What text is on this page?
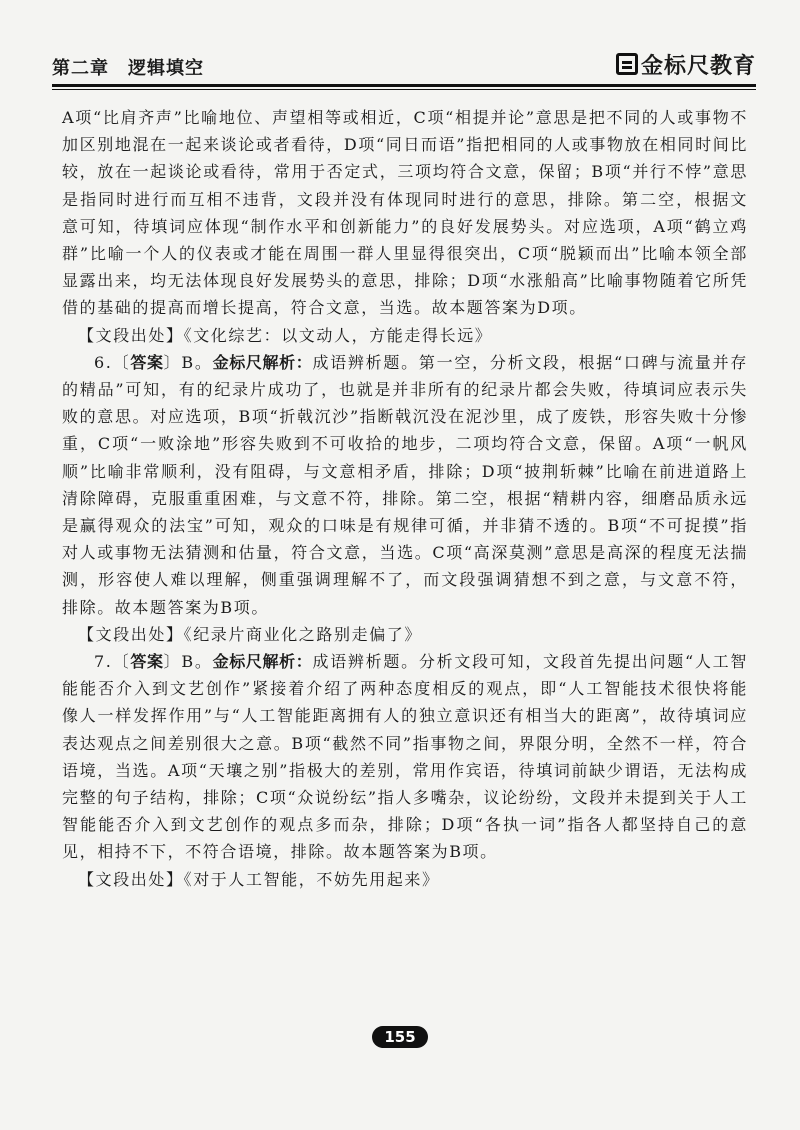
第二章　逻辑填空	金标尺教育

A项“比肩齐声”比喻地位、声望相等或相近，C项“相提并论”意思是把不同的人或事物不加区别地混在一起来谈论或者看待，D项“同日而语”指把相同的人或事物放在相同时间比较，放在一起谈论或看待，常用于否定式，三项均符合文意，保留；B项“并行不悖”意思是指同时进行而互相不违背，文段并没有体现同时进行的意思，排除。第二空，根据文意可知，待填词应体现“制作水平和创新能力”的良好发展势头。对应选项，A项“鹤立鸡群”比喻一个人的仪表或才能在周围一群人里显得很突出，C项“脱颖而出”比喻本领全部显露出来，均无法体现良好发展势头的意思，排除；D项“水涨船高”比喻事物随着它所凭借的基础的提高而增长提高，符合文意，当选。故本题答案为D项。

【文段出处】《文化综艺：以文动人，方能走得长远》

6.〔答案〕B。金标尺解析：成语辨析题。第一空，分析文段，根据“口碑与流量并存的精品”可知，有的纪录片成功了，也就是并非所有的纪录片都会失败，待填词应表示失败的意思。对应选项，B项“折戟沉沙”指断戟沉没在泥沙里，成了废铁，形容失败十分惨重，C项“一败涂地”形容失败到不可收拾的地步，二项均符合文意，保留。A项“一帆风顺”比喻非常顺利，没有阻碍，与文意相矛盾，排除；D项“披荆斩棘”比喻在前进道路上清除障碍，克服重重困难，与文意不符，排除。第二空，根据“精耕内容，细磨品质永远是赢得观众的法宝”可知，观众的口味是有规律可循，并非猜不透的。B项“不可捉摸”指对人或事物无法猜测和估量，符合文意，当选。C项“高深莫测”意思是高深的程度无法揣测，形容使人难以理解，侧重强调理解不了，而文段强调猜想不到之意，与文意不符，排除。故本题答案为B项。

【文段出处】《纪录片商业化之路别走偏了》

7.〔答案〕B。金标尺解析：成语辨析题。分析文段可知，文段首先提出问题“人工智能能否介入到文艺创作”紧接着介绍了两种态度相反的观点，即“人工智能技术很快将能像人一样发挥作用”与“人工智能距离拥有人的独立意识还有相当大的距离”，故待填词应表达观点之间差别很大之意。B项“截然不同”指事物之间，界限分明，全然不一样，符合语境，当选。A项“天壤之别”指极大的差别，常用作宾语，待填词前缺少谓语，无法构成完整的句子结构，排除；C项“众说纷纭”指人多嘴杂，议论纷纷，文段并未提到关于人工智能能否介入到文艺创作的观点多而杂，排除；D项“各执一词”指各人都坚持自己的意见，相持不下，不符合语境，排除。故本题答案为B项。

【文段出处】《对于人工智能，不妨先用起来》

155
